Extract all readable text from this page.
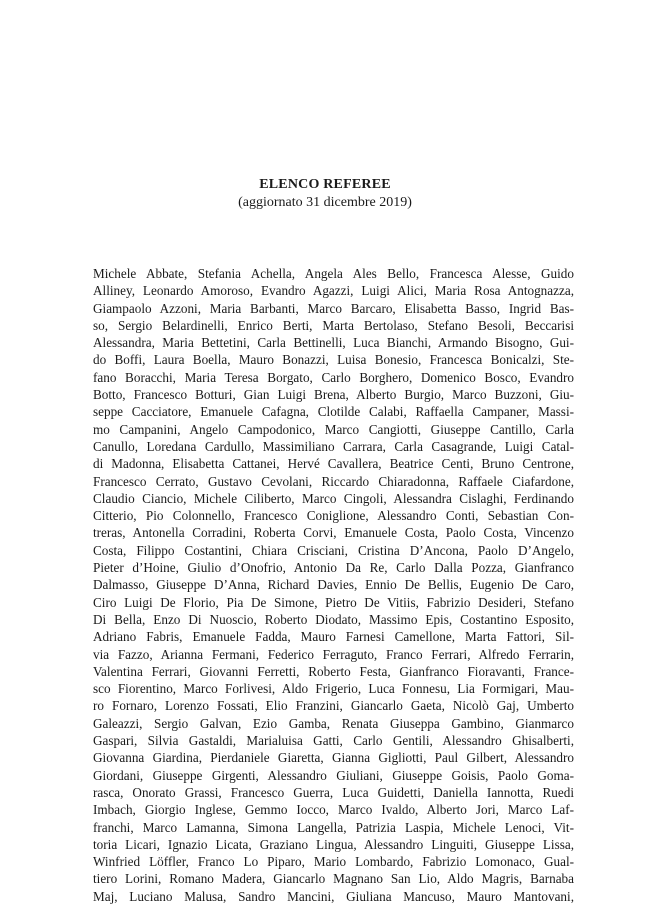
ELENCO REFEREE
(aggiornato 31 dicembre 2019)
Michele Abbate, Stefania Achella, Angela Ales Bello, Francesca Alesse, Guido
Alliney, Leonardo Amoroso, Evandro Agazzi, Luigi Alici, Maria Rosa Antognazza,
Giampaolo Azzoni, Maria Barbanti, Marco Barcaro, Elisabetta Basso, Ingrid Bas-
so, Sergio Belardinelli, Enrico Berti, Marta Bertolaso, Stefano Besoli, Beccarisi
Alessandra, Maria Bettetini, Carla Bettinelli, Luca Bianchi, Armando Bisogno, Gui-
do Boffi, Laura Boella, Mauro Bonazzi, Luisa Bonesio, Francesca Bonicalzi, Ste-
fano Boracchi, Maria Teresa Borgato, Carlo Borghero, Domenico Bosco, Evandro
Botto, Francesco Botturi, Gian Luigi Brena, Alberto Burgio, Marco Buzzoni, Giu-
seppe Cacciatore, Emanuele Cafagna, Clotilde Calabi, Raffaella Campaner, Massi-
mo Campanini, Angelo Campodonico, Marco Cangiotti, Giuseppe Cantillo, Carla
Canullo, Loredana Cardullo, Massimiliano Carrara, Carla Casagrande, Luigi Catal-
di Madonna, Elisabetta Cattanei, Hervé Cavallera, Beatrice Centi, Bruno Centrone,
Francesco Cerrato, Gustavo Cevolani, Riccardo Chiaradonna, Raffaele Ciafardone,
Claudio Ciancio, Michele Ciliberto, Marco Cingoli, Alessandra Cislaghi, Ferdinando
Citterio, Pio Colonnello, Francesco Coniglione, Alessandro Conti, Sebastian Con-
treras, Antonella Corradini, Roberta Corvi, Emanuele Costa, Paolo Costa, Vincenzo
Costa, Filippo Costantini, Chiara Crisciani, Cristina D’Ancona, Paolo D’Angelo,
Pieter d’Hoine, Giulio d’Onofrio, Antonio Da Re, Carlo Dalla Pozza, Gianfranco
Dalmasso, Giuseppe D’Anna, Richard Davies, Ennio De Bellis, Eugenio De Caro,
Ciro Luigi De Florio, Pia De Simone, Pietro De Vitiis, Fabrizio Desideri, Stefano
Di Bella, Enzo Di Nuoscio, Roberto Diodato, Massimo Epis, Costantino Esposito,
Adriano Fabris, Emanuele Fadda, Mauro Farnesi Camellone, Marta Fattori, Sil-
via Fazzo, Arianna Fermani, Federico Ferraguto, Franco Ferrari, Alfredo Ferrarin,
Valentina Ferrari, Giovanni Ferretti, Roberto Festa, Gianfranco Fioravanti, France-
sco Fiorentino, Marco Forlivesi, Aldo Frigerio, Luca Fonnesu, Lia Formigari, Mau-
ro Fornaro, Lorenzo Fossati, Elio Franzini, Giancarlo Gaeta, Nicolò Gaj, Umberto
Galeazzi, Sergio Galvan, Ezio Gamba, Renata Giuseppa Gambino, Gianmarco
Gaspari, Silvia Gastaldi, Marialuisa Gatti, Carlo Gentili, Alessandro Ghisalberti,
Giovanna Giardina, Pierdaniele Giaretta, Gianna Gigliotti, Paul Gilbert, Alessandro
Giordani, Giuseppe Girgenti, Alessandro Giuliani, Giuseppe Goisis, Paolo Goma-
rasca, Onorato Grassi, Francesco Guerra, Luca Guidetti, Daniella Iannotta, Ruedi
Imbach, Giorgio Inglese, Gemmo Iocco, Marco Ivaldo, Alberto Jori, Marco Laf-
franchi, Marco Lamanna, Simona Langella, Patrizia Laspia, Michele Lenoci, Vit-
toria Licari, Ignazio Licata, Graziano Lingua, Alessandro Linguiti, Giuseppe Lissa,
Winfried Löffler, Franco Lo Piparo, Mario Lombardo, Fabrizio Lomonaco, Gual-
tiero Lorini, Romano Madera, Giancarlo Magnano San Lio, Aldo Magris, Barnaba
Maj, Luciano Malusa, Sandro Mancini, Giuliana Mancuso, Mauro Mantovani,
